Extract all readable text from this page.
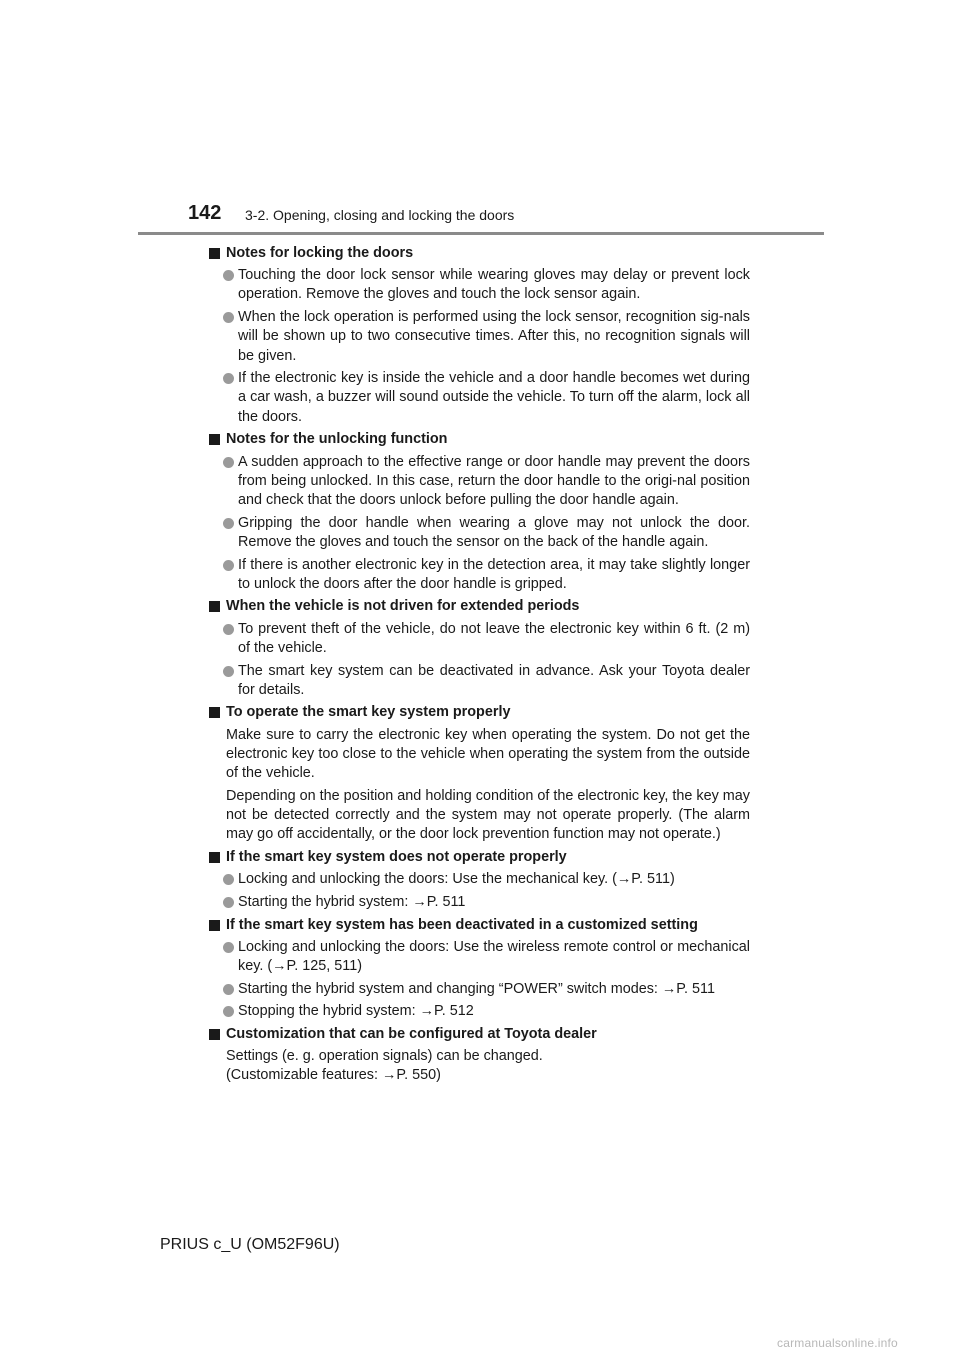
142 3-2. Opening, closing and locking the doors
Notes for locking the doors
Touching the door lock sensor while wearing gloves may delay or prevent lock operation. Remove the gloves and touch the lock sensor again.
When the lock operation is performed using the lock sensor, recognition sig-nals will be shown up to two consecutive times. After this, no recognition signals will be given.
If the electronic key is inside the vehicle and a door handle becomes wet during a car wash, a buzzer will sound outside the vehicle. To turn off the alarm, lock all the doors.
Notes for the unlocking function
A sudden approach to the effective range or door handle may prevent the doors from being unlocked. In this case, return the door handle to the origi-nal position and check that the doors unlock before pulling the door handle again.
Gripping the door handle when wearing a glove may not unlock the door. Remove the gloves and touch the sensor on the back of the handle again.
If there is another electronic key in the detection area, it may take slightly longer to unlock the doors after the door handle is gripped.
When the vehicle is not driven for extended periods
To prevent theft of the vehicle, do not leave the electronic key within 6 ft. (2 m) of the vehicle.
The smart key system can be deactivated in advance. Ask your Toyota dealer for details.
To operate the smart key system properly
Make sure to carry the electronic key when operating the system. Do not get the electronic key too close to the vehicle when operating the system from the outside of the vehicle.
Depending on the position and holding condition of the electronic key, the key may not be detected correctly and the system may not operate properly. (The alarm may go off accidentally, or the door lock prevention function may not operate.)
If the smart key system does not operate properly
Locking and unlocking the doors: Use the mechanical key. (→P. 511)
Starting the hybrid system: →P. 511
If the smart key system has been deactivated in a customized setting
Locking and unlocking the doors: Use the wireless remote control or mechanical key. (→P. 125, 511)
Starting the hybrid system and changing “POWER” switch modes: →P. 511
Stopping the hybrid system: →P. 512
Customization that can be configured at Toyota dealer
Settings (e. g. operation signals) can be changed.
(Customizable features: →P. 550)
PRIUS c_U (OM52F96U)
carmanualsonline.info
